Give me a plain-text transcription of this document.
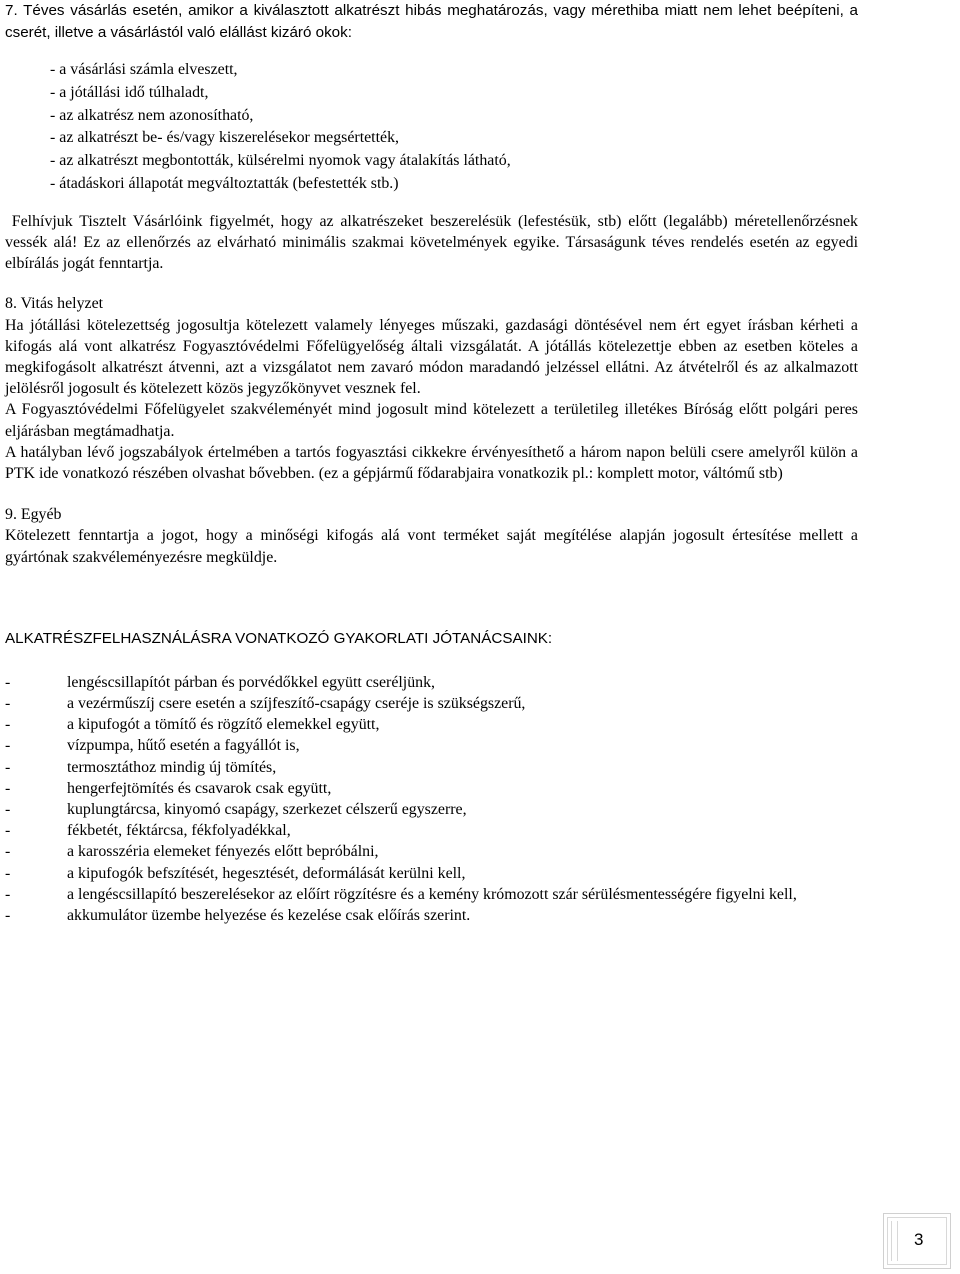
7. Téves vásárlás esetén, amikor a kiválasztott alkatrészt hibás meghatározás, vagy mérethiba miatt nem lehet beépíteni, a cserét, illetve a vásárlástól való elállást kizáró okok:

- a vásárlási számla elveszett,
- a jótállási idő túlhaladt,
- az alkatrész nem azonosítható,
- az alkatrészt be- és/vagy kiszerelésekor megsértették,
- az alkatrészt megbontották, külsérelmi nyomok vagy átalakítás látható,
- átadáskori állapotát megváltoztatták (befestették stb.)

Felhívjuk Tisztelt Vásárlóink figyelmét, hogy az alkatrészeket beszerelésük (lefestésük, stb) előtt (legalább) méretellenőrzésnek vessék alá! Ez az ellenőrzés az elvárható minimális szakmai követelmények egyike. Társaságunk téves rendelés esetén az egyedi elbírálás jogát fenntartja.

8. Vitás helyzet

Ha jótállási kötelezettség jogosultja kötelezett valamely lényeges műszaki, gazdasági döntésével nem ért egyet írásban kérheti a kifogás alá vont alkatrész Fogyasztóvédelmi Főfelügyelőség általi vizsgálatát. A jótállás kötelezettje ebben az esetben köteles a megkifogásolt alkatrészt átvenni, azt a vizsgálatot nem zavaró módon maradandó jelzéssel ellátni. Az átvételről és az alkalmazott jelölésről jogosult és kötelezett közös jegyzőkönyvet vesznek fel.

A Fogyasztóvédelmi Főfelügyelet szakvéleményét mind jogosult mind kötelezett a területileg illetékes Bíróság előtt polgári peres eljárásban megtámadhatja.

A hatályban lévő jogszabályok értelmében a tartós fogyasztási cikkekre érvényesíthető a három napon belüli csere amelyről külön a PTK ide vonatkozó részében olvashat bővebben. (ez a gépjármű fődarabjaira vonatkozik pl.: komplett motor, váltómű stb)

9. Egyéb

Kötelezett fenntartja a jogot, hogy a minőségi kifogás alá vont terméket saját megítélése alapján jogosult értesítése mellett a gyártónak szakvéleményezésre megküldje.

ALKATRÉSZFELHASZNÁLÁSRA VONATKOZÓ GYAKORLATI JÓTANÁCSAINK:

-	lengéscsillapítót párban és porvédőkkel együtt cseréljünk,
-	a vezérműszíj csere esetén a szíjfeszítő-csapágy cseréje is szükségszerű,
-	a kipufogót a tömítő és rögzítő elemekkel együtt,
-	vízpumpa, hűtő esetén a fagyállót is,
-	termosztáthoz mindig új tömítés,
-	hengerfejtömítés és csavarok csak együtt,
-	kuplungtárcsa, kinyomó csapágy, szerkezet célszerű egyszerre,
-	fékbetét, féktárcsa, fékfolyadékkal,
-	a karosszéria elemeket fényezés előtt bepróbálni,
-	a kipufogók befszítését, hegesztését, deformálását kerülni kell,
-	a lengéscsillapító beszerelésekor az előírt rögzítésre és a kemény krómozott szár sérülésmentességére figyelni kell,
-	akkumulátor üzembe helyezése és kezelése csak előírás szerint.
3
